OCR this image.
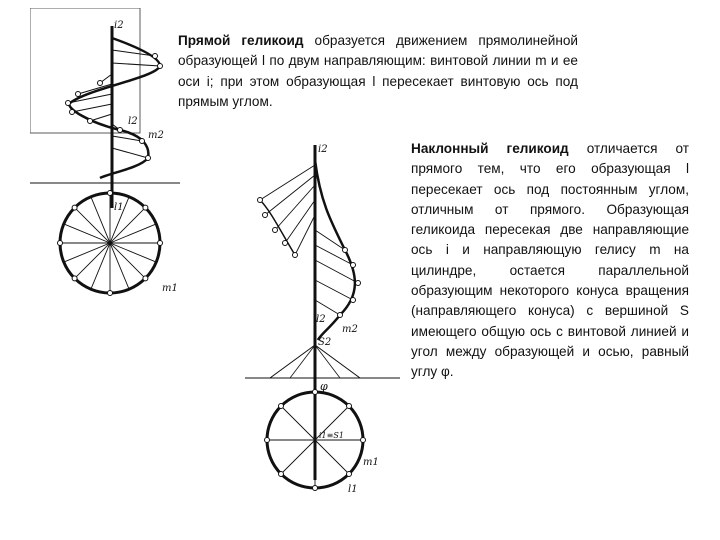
i2
l2
m2
l1
m1
Прямой геликоид образуется движением прямолинейной образующей l по двум направляющим: винтовой линии m и ее оси i; при этом образующая l пересекает винтовую ось под прямым углом.
i2
l2
m2
S2
φ
i1≡S1
m1
l1
Наклонный геликоид отличается от прямого тем, что его образующая l пересекает ось под постоянным углом, отличным от прямого. Образующая геликоида пересекая две направляющие ось i и направляющую гелису m на цилиндре, остается параллельной образующим некоторого конуса вращения (направляющего конуса) с вершиной S имеющего общую ось с винтовой линией и угол между образующей и осью, равный углу φ.
